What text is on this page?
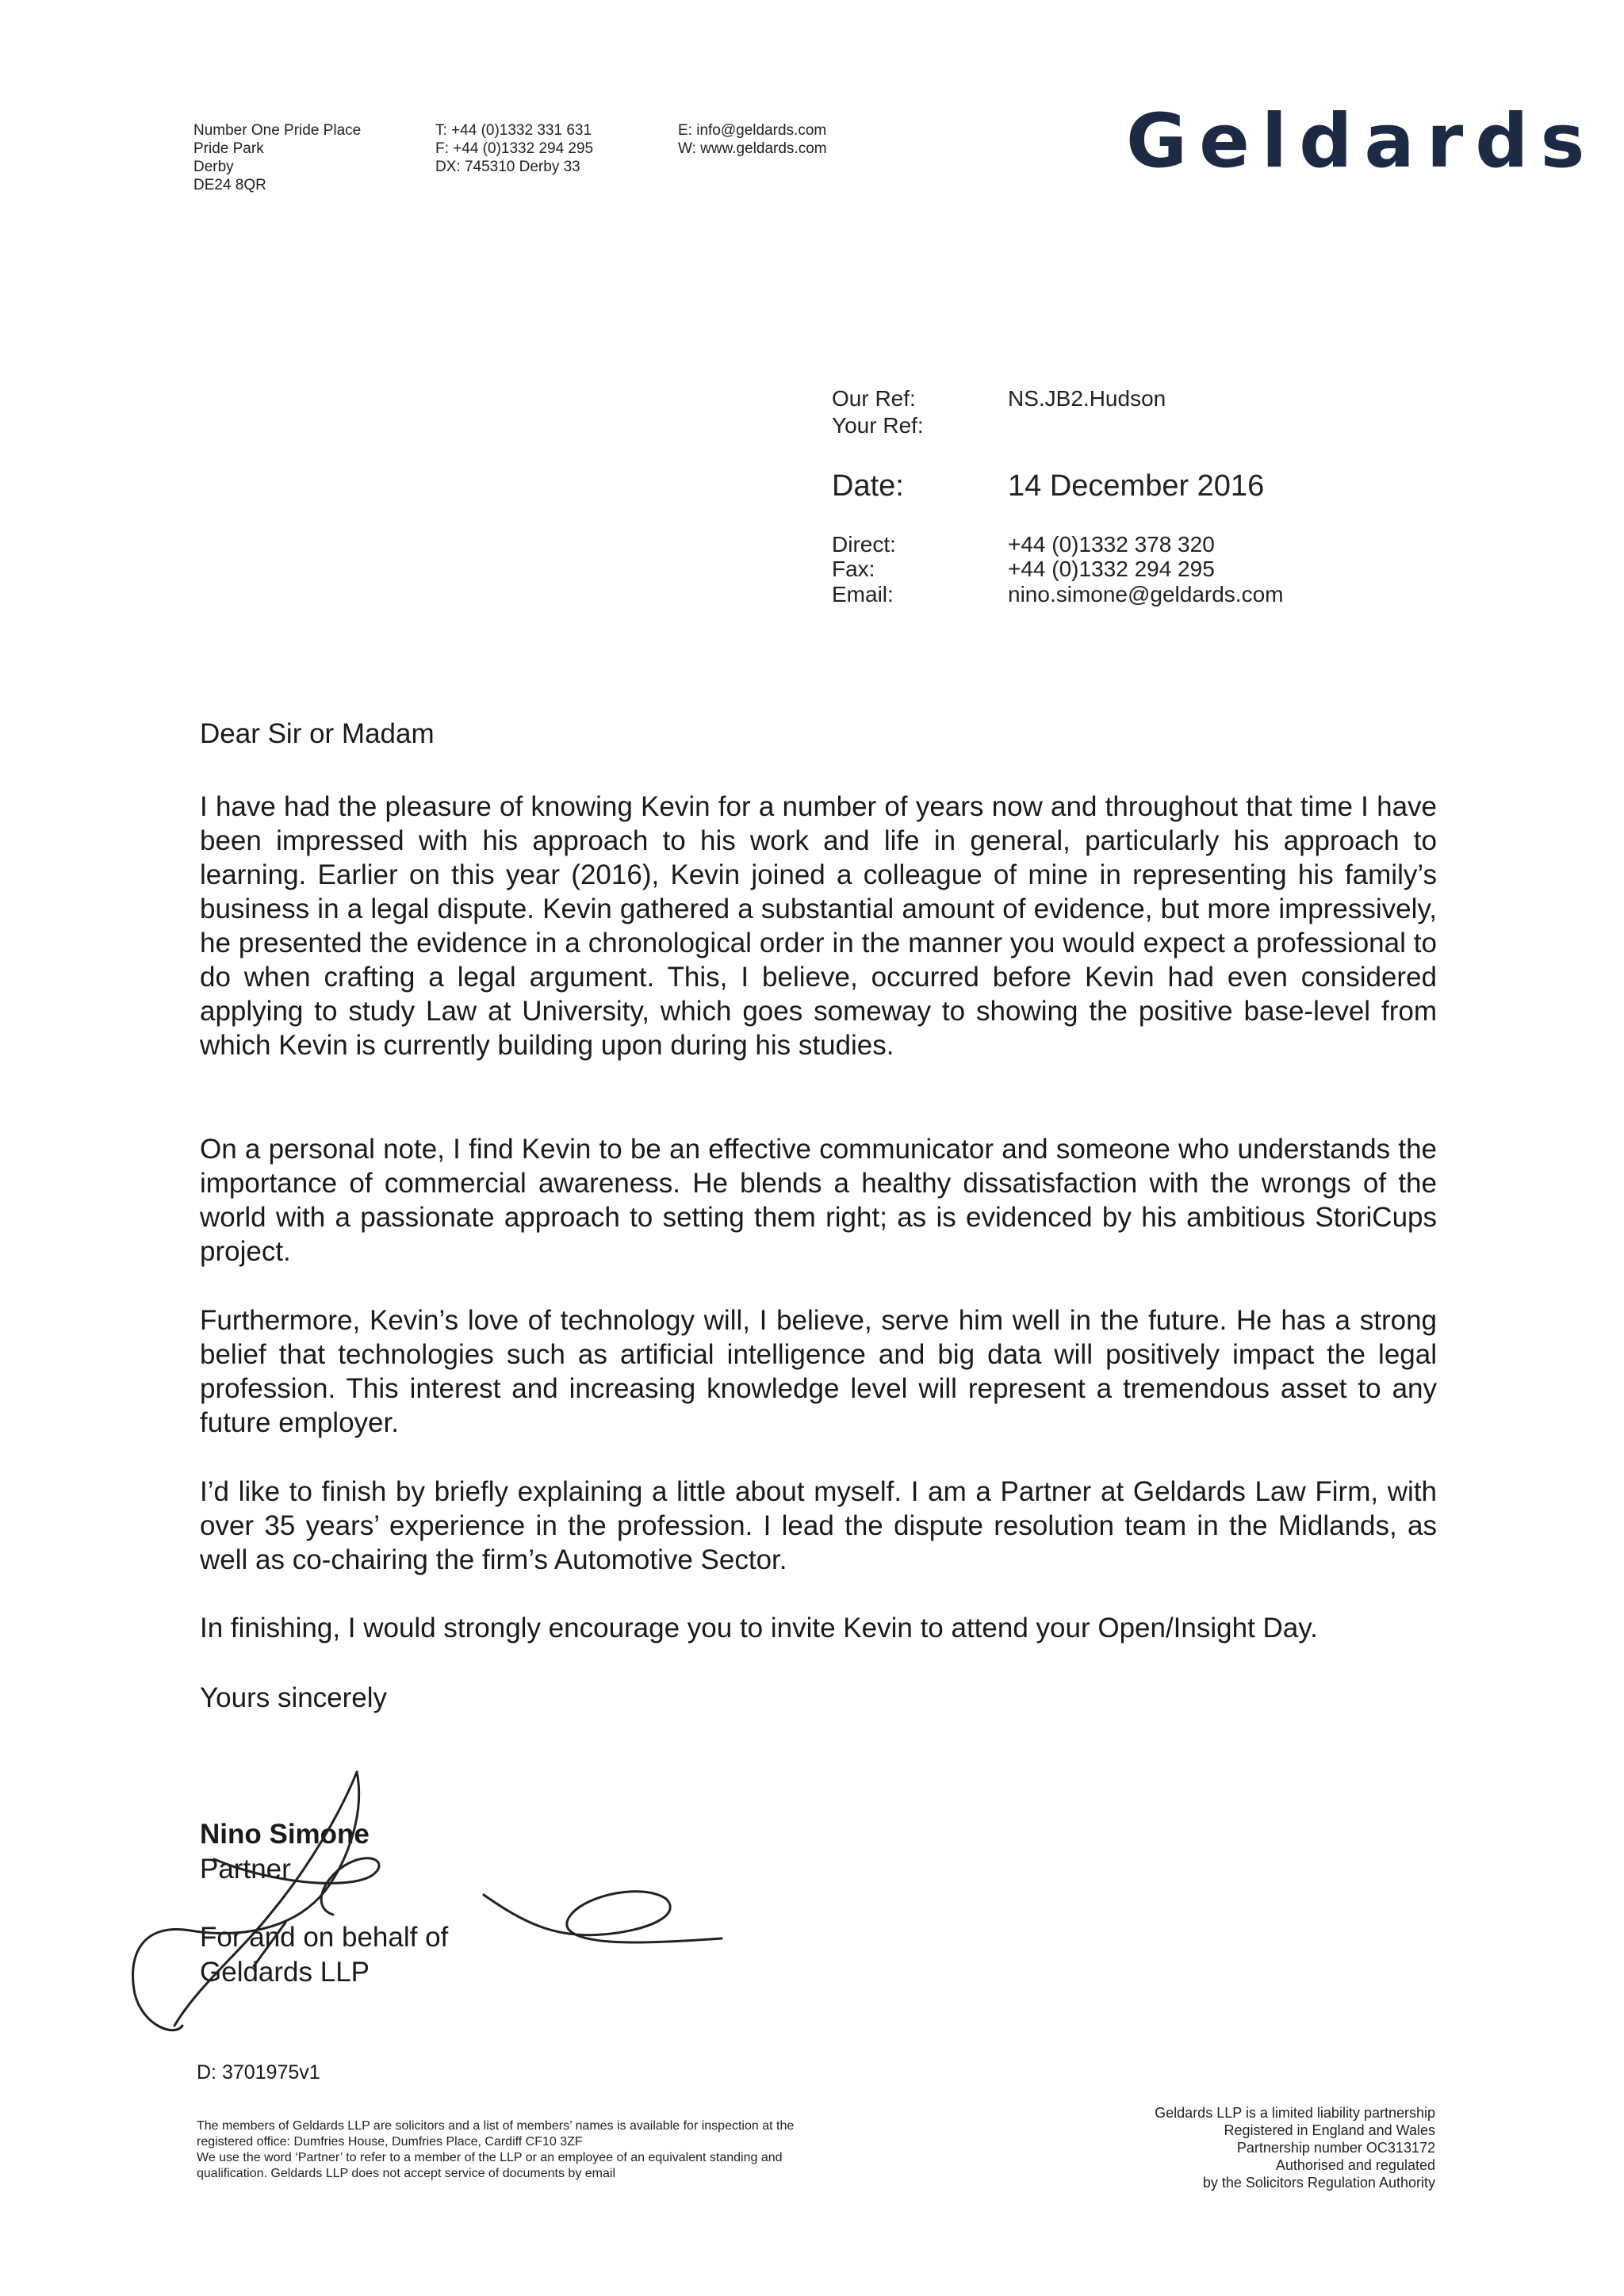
Number One Pride Place
Pride Park
Derby
DE24 8QR
T: +44 (0)1332 331 631
F: +44 (0)1332 294 295
DX: 745310 Derby 33
E: info@geldards.com
W: www.geldards.com	Geldards
Our Ref:	NS.JB2.Hudson
Your Ref:
Date:	14 December 2016
Direct:	+44 (0)1332 378 320
Fax:	+44 (0)1332 294 295
Email:	nino.simone@geldards.com
Dear Sir or Madam

I have had the pleasure of knowing Kevin for a number of years now and throughout that time I have been impressed with his approach to his work and life in general, particularly his approach to learning. Earlier on this year (2016), Kevin joined a colleague of mine in representing his family’s business in a legal dispute. Kevin gathered a substantial amount of evidence, but more impressively, he presented the evidence in a chronological order in the manner you would expect a professional to do when crafting a legal argument. This, I believe, occurred before Kevin had even considered applying to study Law at University, which goes someway to showing the positive base-level from which Kevin is currently building upon during his studies.

On a personal note, I find Kevin to be an effective communicator and someone who understands the importance of commercial awareness. He blends a healthy dissatisfaction with the wrongs of the world with a passionate approach to setting them right; as is evidenced by his ambitious StoriCups project.

Furthermore, Kevin’s love of technology will, I believe, serve him well in the future. He has a strong belief that technologies such as artificial intelligence and big data will positively impact the legal profession. This interest and increasing knowledge level will represent a tremendous asset to any future employer.

I’d like to finish by briefly explaining a little about myself. I am a Partner at Geldards Law Firm, with over 35 years’ experience in the profession. I lead the dispute resolution team in the Midlands, as well as co-chairing the firm’s Automotive Sector.

In finishing, I would strongly encourage you to invite Kevin to attend your Open/Insight Day.

Yours sincerely
Nino Simone
Partner
For and on behalf of
Geldards LLP
D: 3701975v1
The members of Geldards LLP are solicitors and a list of members’ names is available for inspection at the
registered office: Dumfries House, Dumfries Place, Cardiff CF10 3ZF
We use the word ‘Partner’ to refer to a member of the LLP or an employee of an equivalent standing and
qualification. Geldards LLP does not accept service of documents by email
Geldards LLP is a limited liability partnership
Registered in England and Wales
Partnership number OC313172
Authorised and regulated
by the Solicitors Regulation Authority
